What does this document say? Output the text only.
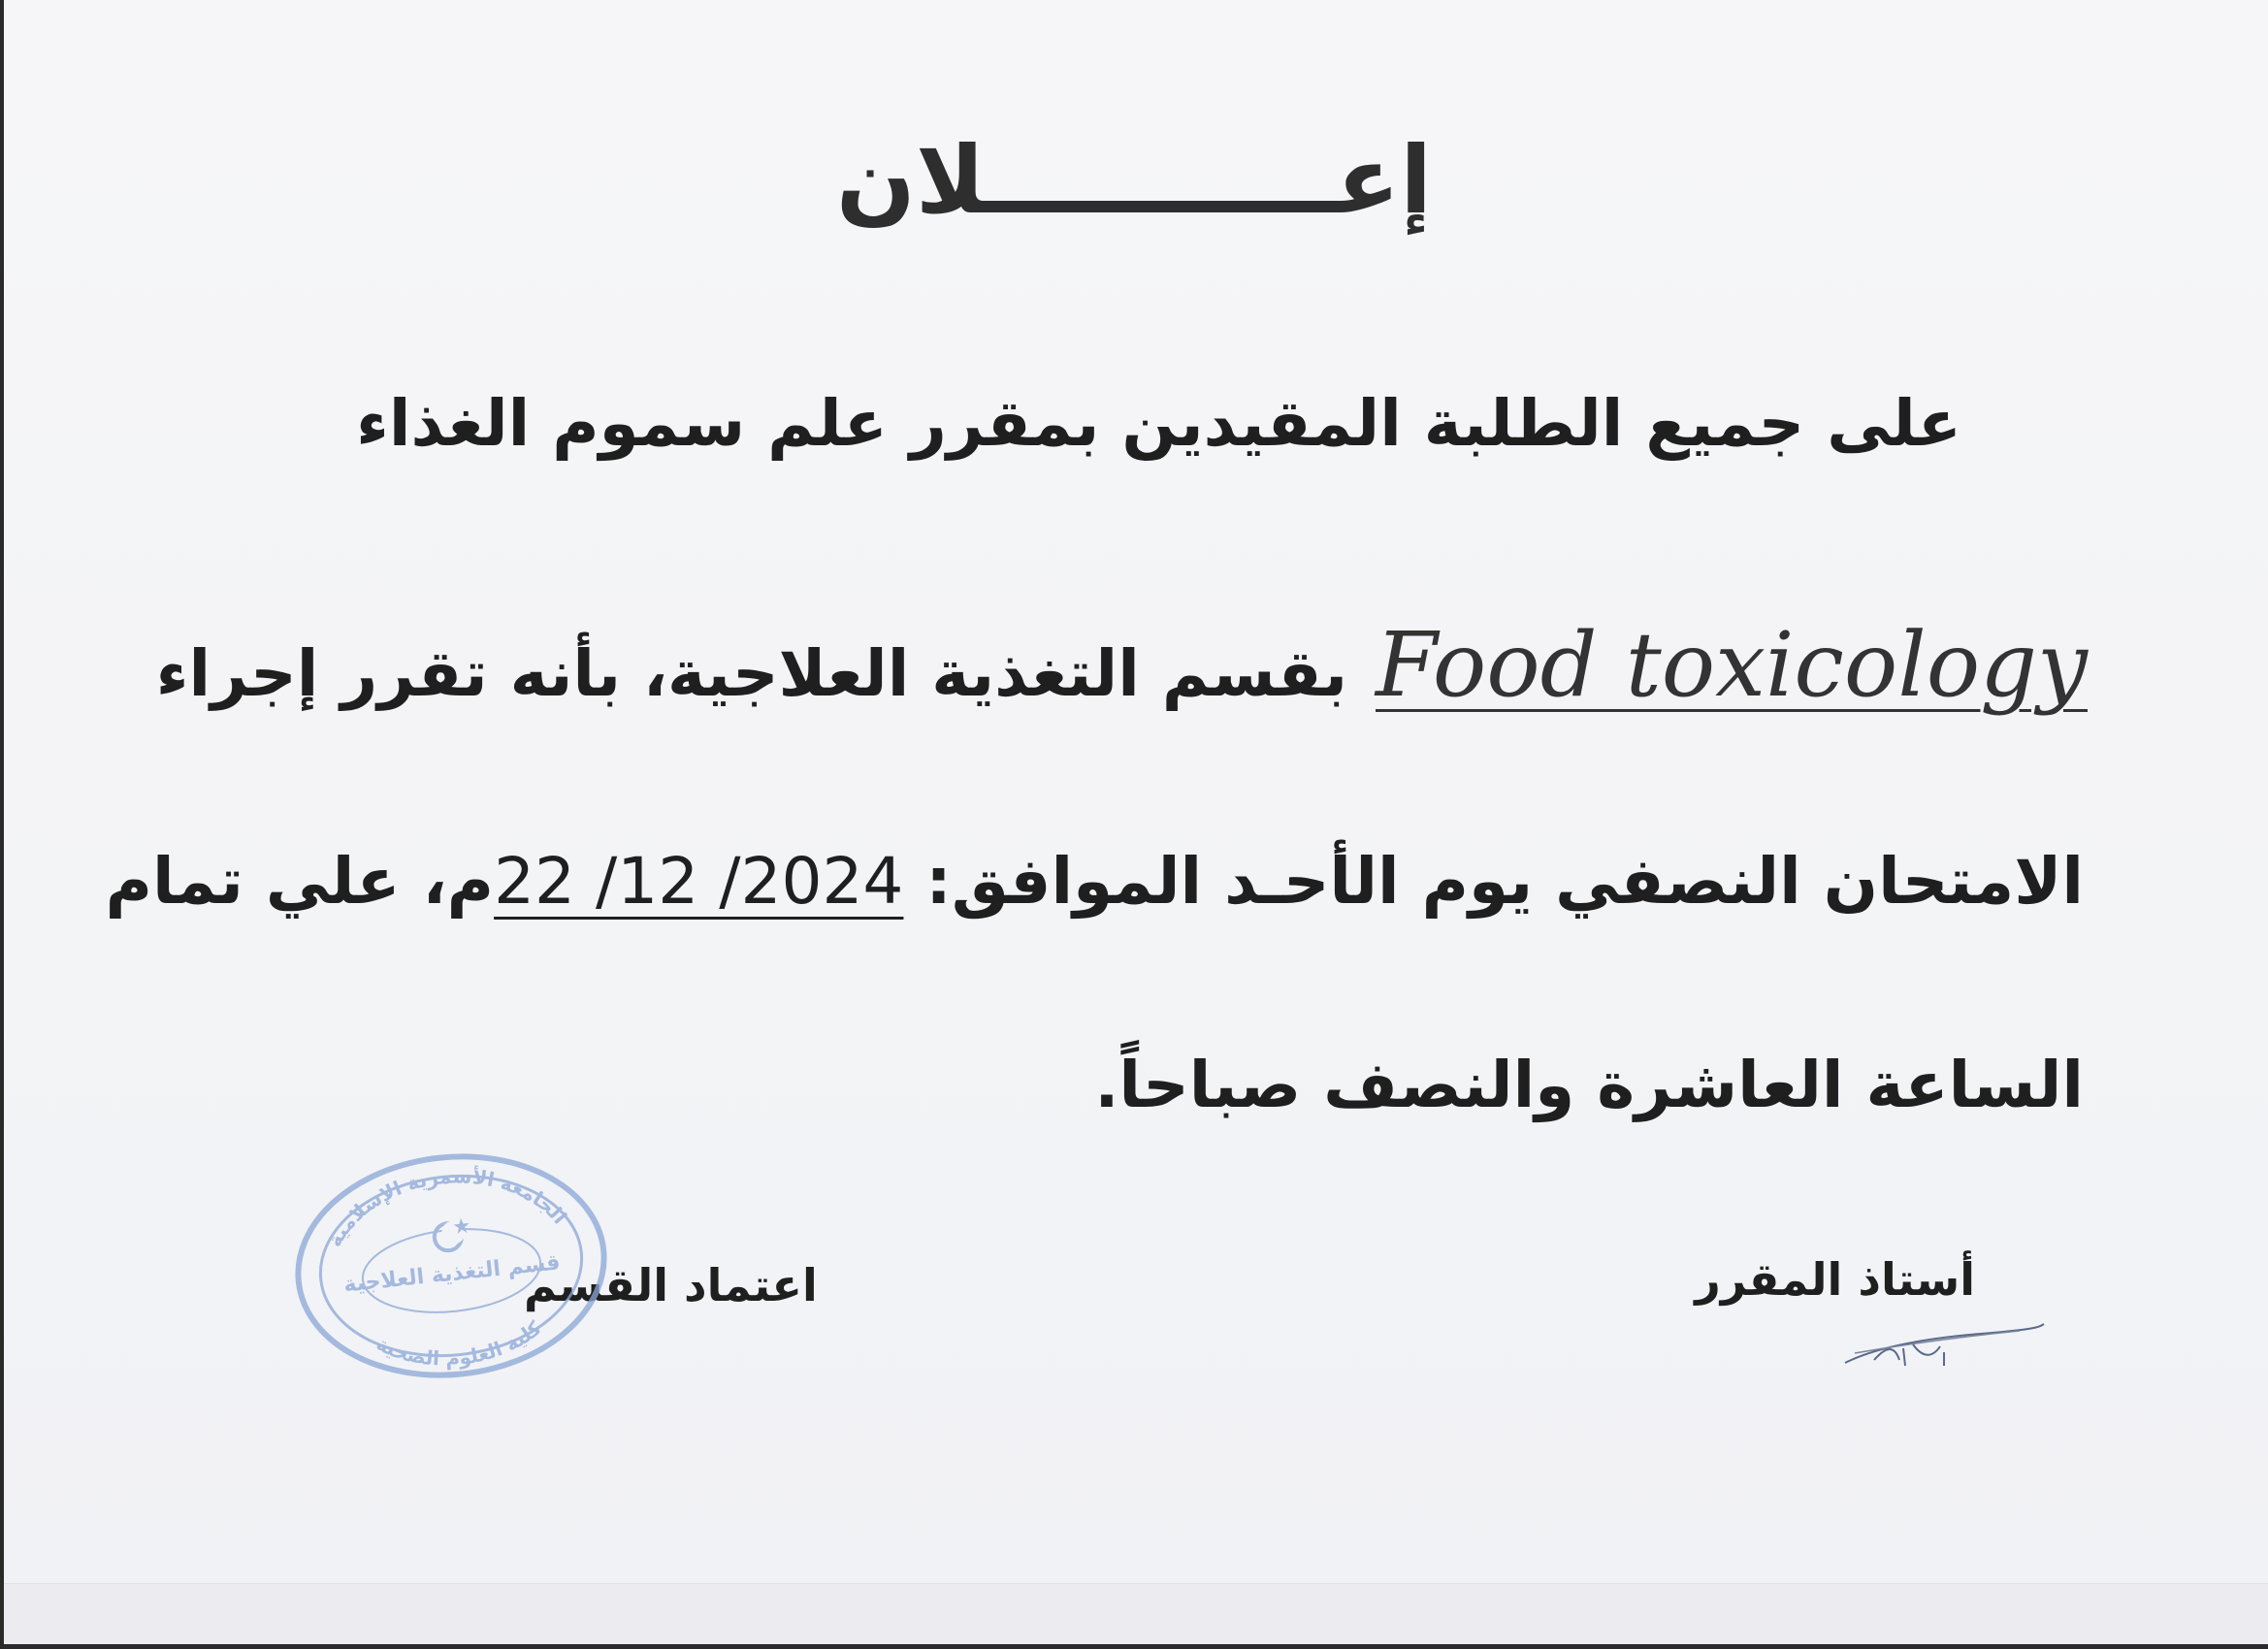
إعـــــــــــلان
على جميع الطلبة المقيدين بمقرر علم سموم الغذاء
Food toxicology بقسم التغذية العلاجية، بأنه تقرر إجراء
الامتحان النصفي يوم الأحـد الموافق: 22 /12 /2024م، علي تمام
الساعة العاشرة والنصف صباحاً.
اعتماد القسم	أستاذ المقرر
الجامعة الأسمرية الإسلامية
كلية العلوم الصحية
قسم التغذية العلاجية
